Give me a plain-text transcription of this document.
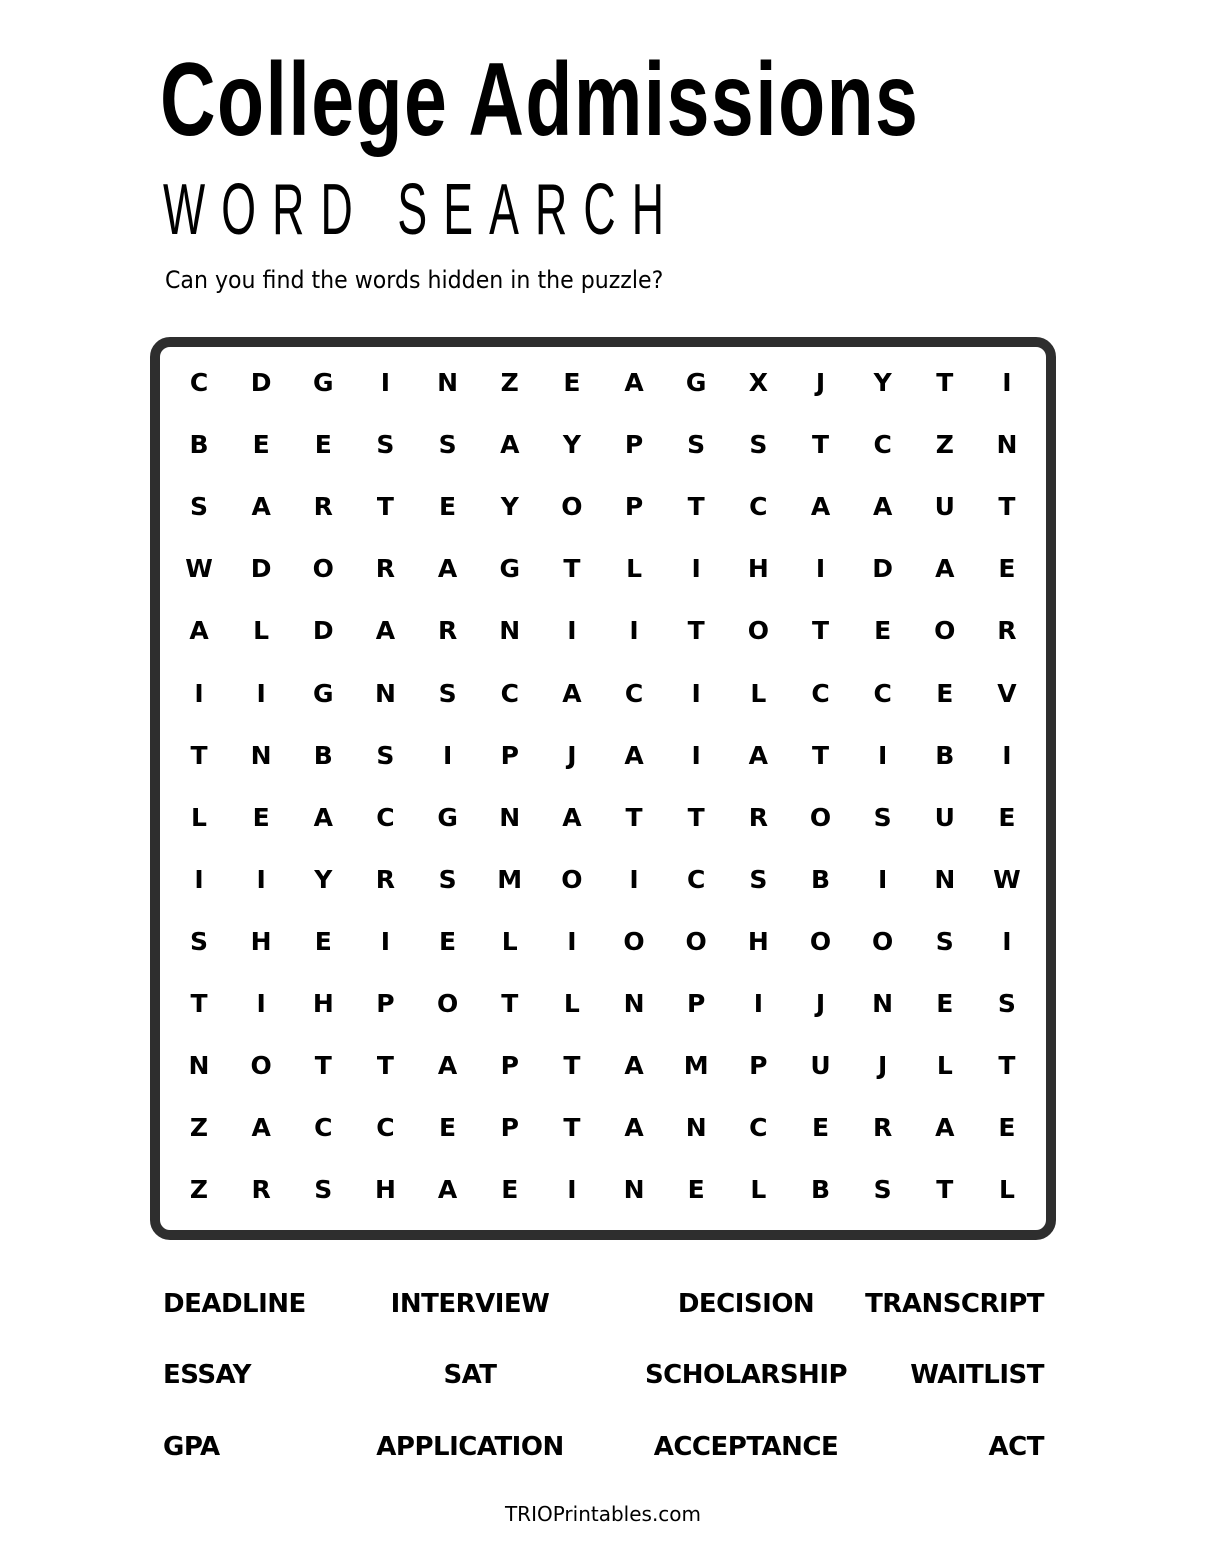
College Admissions
WORD SEARCH
Can you find the words hidden in the puzzle?
C	D	G	I	N	Z	E	A	G	X	J	Y	T	I
B	E	E	S	S	A	Y	P	S	S	T	C	Z	N
S	A	R	T	E	Y	O	P	T	C	A	A	U	T
W	D	O	R	A	G	T	L	I	H	I	D	A	E
A	L	D	A	R	N	I	I	T	O	T	E	O	R
I	I	G	N	S	C	A	C	I	L	C	C	E	V
T	N	B	S	I	P	J	A	I	A	T	I	B	I
L	E	A	C	G	N	A	T	T	R	O	S	U	E
I	I	Y	R	S	M	O	I	C	S	B	I	N	W
S	H	E	I	E	L	I	O	O	H	O	O	S	I
T	I	H	P	O	T	L	N	P	I	J	N	E	S
N	O	T	T	A	P	T	A	M	P	U	J	L	T
Z	A	C	C	E	P	T	A	N	C	E	R	A	E
Z	R	S	H	A	E	I	N	E	L	B	S	T	L
DEADLINE	INTERVIEW	DECISION TRANSCRIPT
ESSAY	SAT	SCHOLARSHIP WAITLIST
GPA	APPLICATION	ACCEPTANCE	ACT
TRIOPrintables.com
